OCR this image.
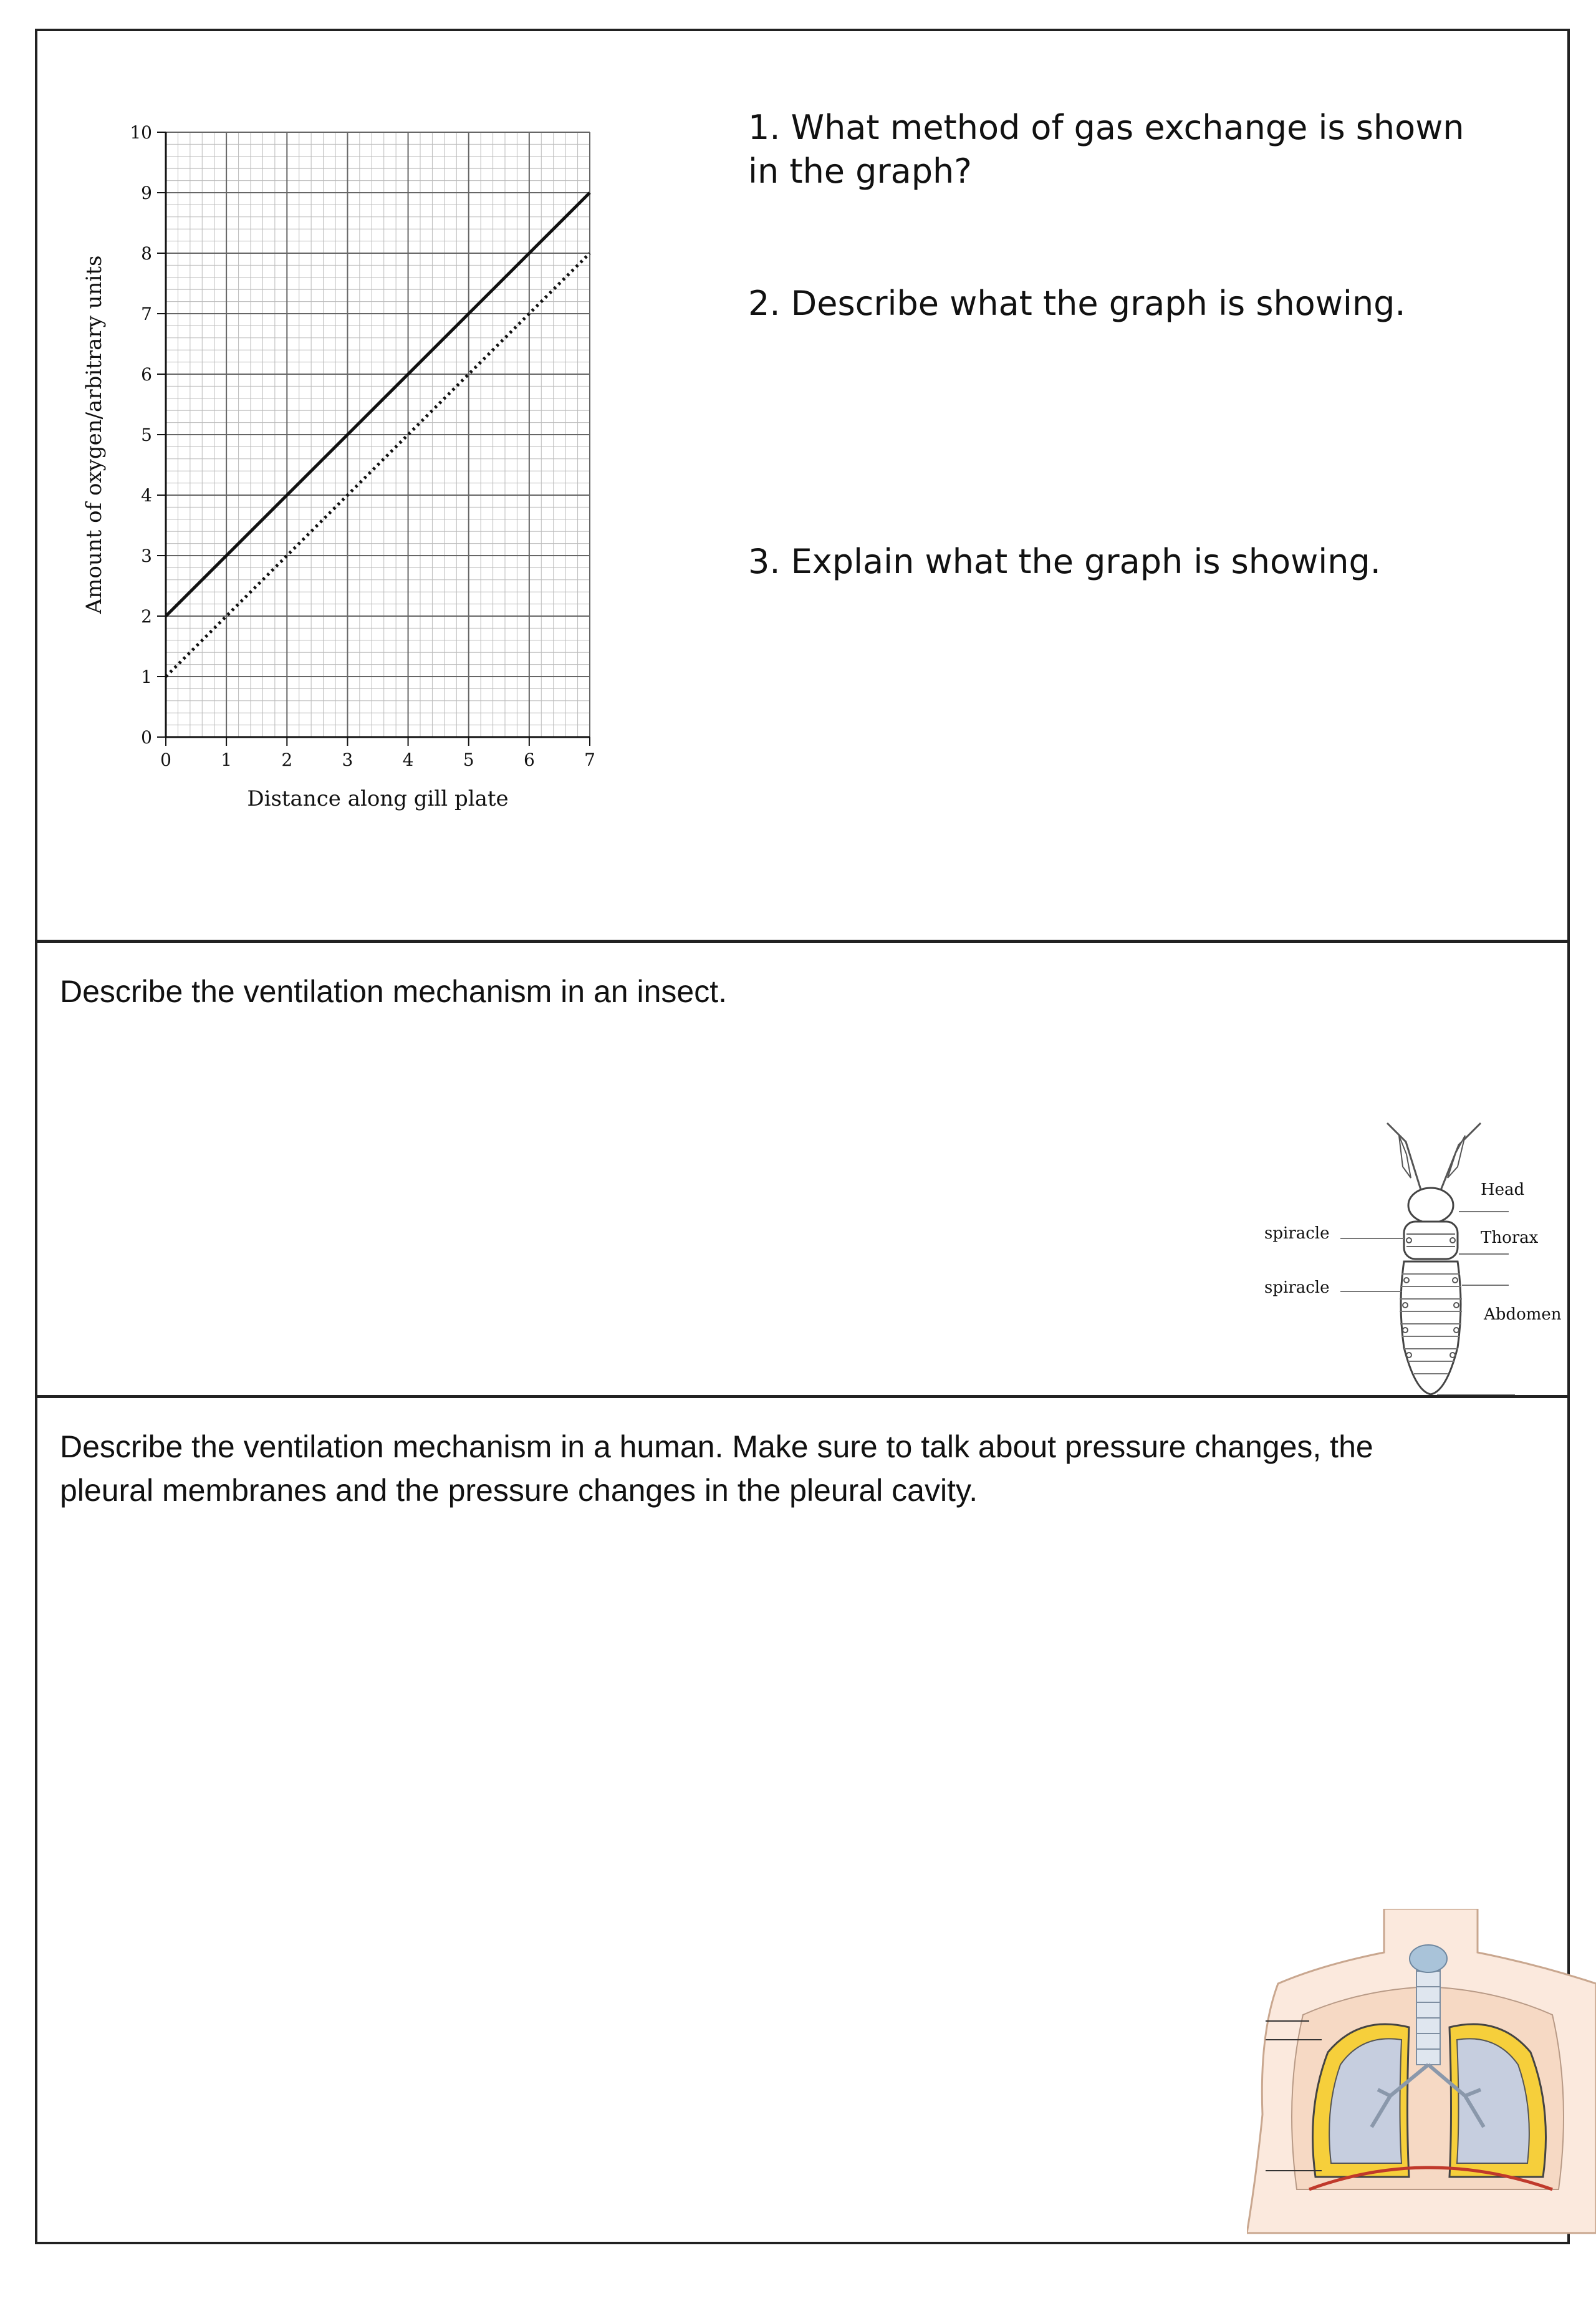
0	1	2	3	4	5	6	7
0
1
2
3
4
5
6
7
8
9
10
Distance along gill plate
Amount of oxygen/arbitrary units
1. What method of gas exchange is shown
in the graph?
2. Describe what the graph is showing.
3. Explain what the graph is showing.
Describe the ventilation mechanism in an insect.
Head
Thorax
Abdomen
spiracle
spiracle
Describe the ventilation mechanism in a human. Make sure to talk about pressure changes, the
pleural membranes and the pressure changes in the pleural cavity.
